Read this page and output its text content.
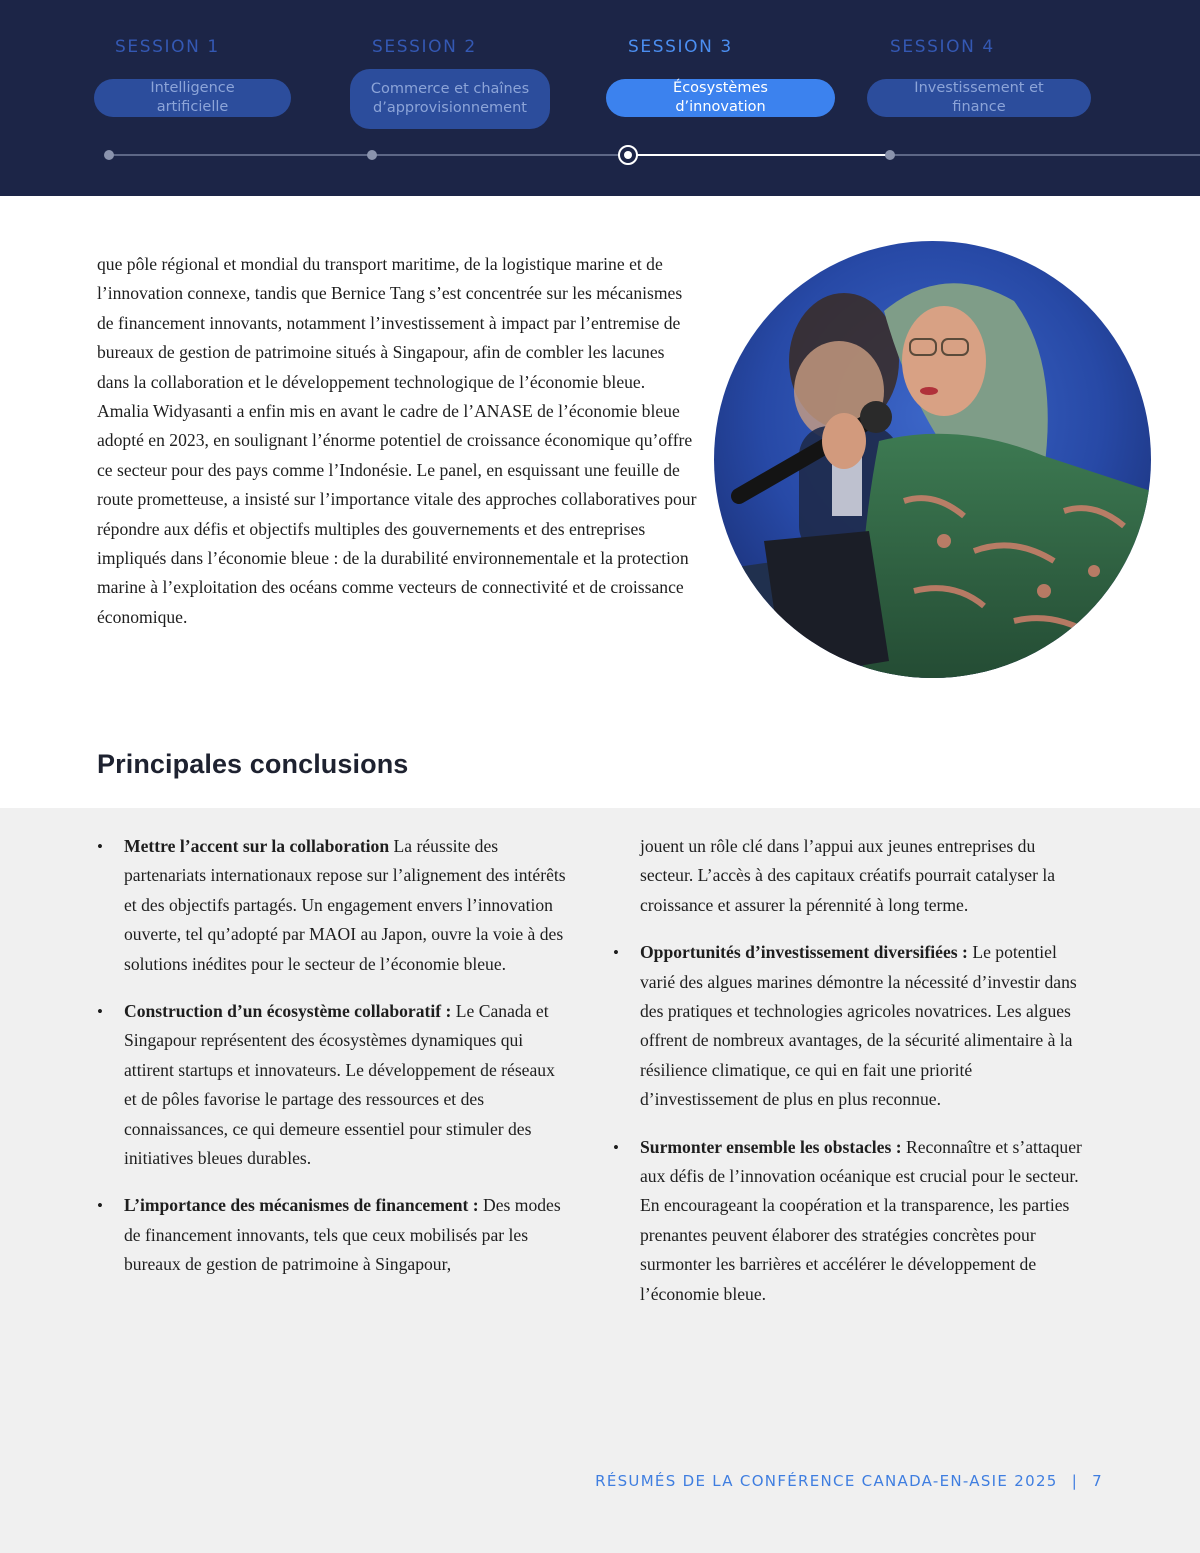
SESSION 1
Intelligence artificielle
SESSION 2
Commerce et chaînes
d’approvisionnement
SESSION 3
Écosystèmes d’innovation
SESSION 4
Investissement et finance

que pôle régional et mondial du transport maritime, de la logistique marine et de l’innovation connexe, tandis que Bernice Tang s’est concentrée sur les mécanismes de financement innovants, notamment l’investissement à impact par l’entremise de bureaux de gestion de patrimoine situés à Singapour, afin de combler les lacunes dans la collaboration et le développement technologique de l’économie bleue. Amalia Widyasanti a enfin mis en avant le cadre de l’ANASE de l’économie bleue adopté en 2023, en soulignant l’énorme potentiel de croissance économique qu’offre ce secteur pour des pays comme l’Indonésie. Le panel, en esquissant une feuille de route prometteuse, a insisté sur l’importance vitale des approches collaboratives pour répondre aux défis et objectifs multiples des gouvernements et des entreprises impliqués dans l’économie bleue : de la durabilité environnementale et la protection marine à l’exploitation des océans comme vecteurs de connectivité et de croissance économique.

Principales conclusions
• Mettre l’accent sur la collaboration La réussite des partenariats internationaux repose sur l’alignement des intérêts et des objectifs partagés. Un engagement envers l’innovation ouverte, tel qu’adopté par MAOI au Japon, ouvre la voie à des solutions inédites pour le secteur de l’économie bleue.
• Construction d’un écosystème collaboratif : Le Canada et Singapour représentent des écosystèmes dynamiques qui attirent startups et innovateurs. Le développement de réseaux et de pôles favorise le partage des ressources et des connaissances, ce qui demeure essentiel pour stimuler des initiatives bleues durables.
• L’importance des mécanismes de financement : Des modes de financement innovants, tels que ceux mobilisés par les bureaux de gestion de patrimoine à Singapour,

jouent un rôle clé dans l’appui aux jeunes entreprises du secteur. L’accès à des capitaux créatifs pourrait catalyser la croissance et assurer la pérennité à long terme.

• Opportunités d’investissement diversifiées : Le potentiel varié des algues marines démontre la nécessité d’investir dans des pratiques et technologies agricoles novatrices. Les algues offrent de nombreux avantages, de la sécurité alimentaire à la résilience climatique, ce qui en fait une priorité d’investissement de plus en plus reconnue.
• Surmonter ensemble les obstacles : Reconnaître et s’attaquer aux défis de l’innovation océanique est crucial pour le secteur. En encourageant la coopération et la transparence, les parties prenantes peuvent élaborer des stratégies concrètes pour surmonter les barrières et accélérer le développement de l’économie bleue.
RÉSUMÉS DE LA CONFÉRENCE CANADA-EN-ASIE 2025 | 7
